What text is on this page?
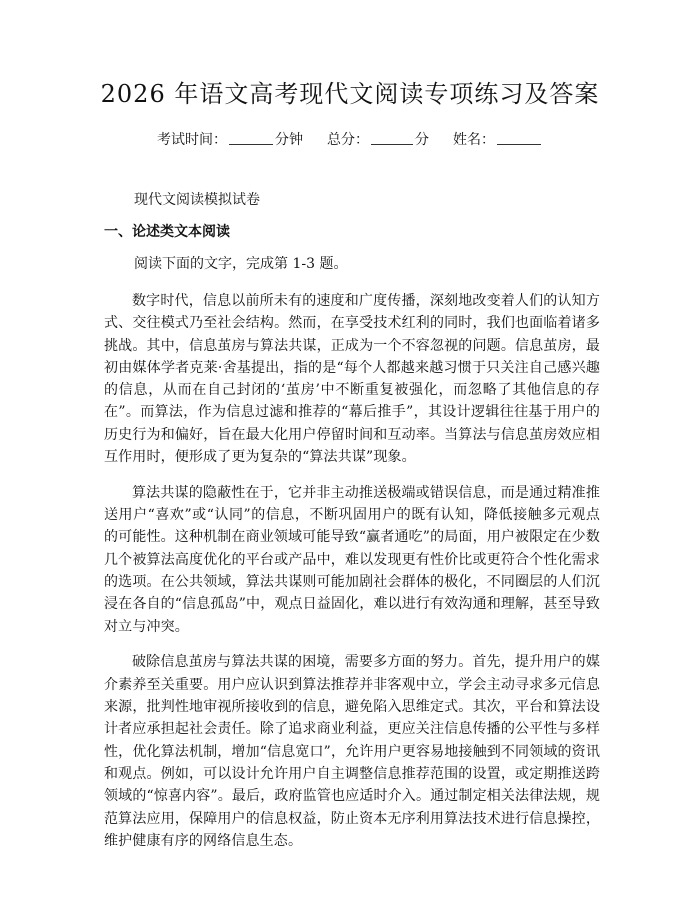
2026 年语文高考现代文阅读专项练习及答案
考试时间：	分钟 总分：	分 姓名：
现代文阅读模拟试卷
一、论述类文本阅读
阅读下面的文字，完成第 1-3 题。

数字时代，信息以前所未有的速度和广度传播，深刻地改变着人们的认知方式、交往模式乃至社会结构。然而，在享受技术红利的同时，我们也面临着诸多挑战。其中，信息茧房与算法共谋，正成为一个不容忽视的问题。信息茧房，最初由媒体学者克莱·舍基提出，指的是“每个人都越来越习惯于只关注自己感兴趣的信息，从而在自己封闭的‘茧房’中不断重复被强化，而忽略了其他信息的存在”。而算法，作为信息过滤和推荐的“幕后推手”，其设计逻辑往往基于用户的历史行为和偏好，旨在最大化用户停留时间和互动率。当算法与信息茧房效应相互作用时，便形成了更为复杂的“算法共谋”现象。

算法共谋的隐蔽性在于，它并非主动推送极端或错误信息，而是通过精准推送用户“喜欢”或“认同”的信息，不断巩固用户的既有认知，降低接触多元观点的可能性。这种机制在商业领域可能导致“赢者通吃”的局面，用户被限定在少数几个被算法高度优化的平台或产品中，难以发现更有性价比或更符合个性化需求的选项。在公共领域，算法共谋则可能加剧社会群体的极化，不同圈层的人们沉浸在各自的“信息孤岛”中，观点日益固化，难以进行有效沟通和理解，甚至导致对立与冲突。

破除信息茧房与算法共谋的困境，需要多方面的努力。首先，提升用户的媒介素养至关重要。用户应认识到算法推荐并非客观中立，学会主动寻求多元信息来源，批判性地审视所接收到的信息，避免陷入思维定式。其次，平台和算法设计者应承担起社会责任。除了追求商业利益，更应关注信息传播的公平性与多样性，优化算法机制，增加“信息宽口”，允许用户更容易地接触到不同领域的资讯和观点。例如，可以设计允许用户自主调整信息推荐范围的设置，或定期推送跨领域的“惊喜内容”。最后，政府监管也应适时介入。通过制定相关法律法规，规范算法应用，保障用户的信息权益，防止资本无序利用算法技术进行信息操控，维护健康有序的网络信息生态。
